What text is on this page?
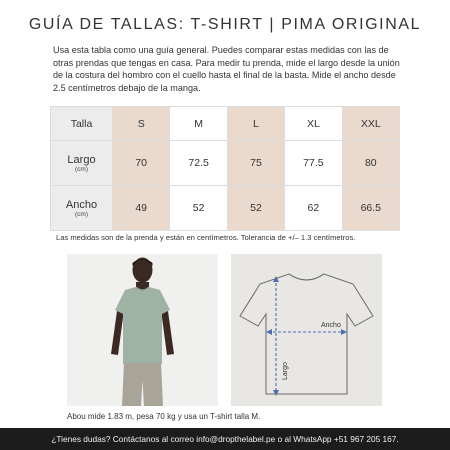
GUÍA DE TALLAS: T-SHIRT | PIMA ORIGINAL

Usa esta tabla como una guía general. Puedes comparar estas medidas con las de otras prendas que tengas en casa. Para medir tu prenda, mide el largo desde la unión de la costura del hombro con el cuello hasta el final de la basta. Mide el ancho desde 2.5 centímetros debajo de la manga.

Talla	S	M	L	XL	XXL

Largo
(cm)	70	72.5	75	77.5	80

Ancho
(cm)	49	52	52	62	66.5
Las medidas son de la prenda y están en centímetros. Tolerancia de +/– 1.3 centímetros.
Ancho
Largo
Abou mide 1.83 m, pesa 70 kg y usa un T-shirt talla M.
¿Tienes dudas? Contáctanos al correo info@dropthelabel.pe o al WhatsApp +51 967 205 167.
